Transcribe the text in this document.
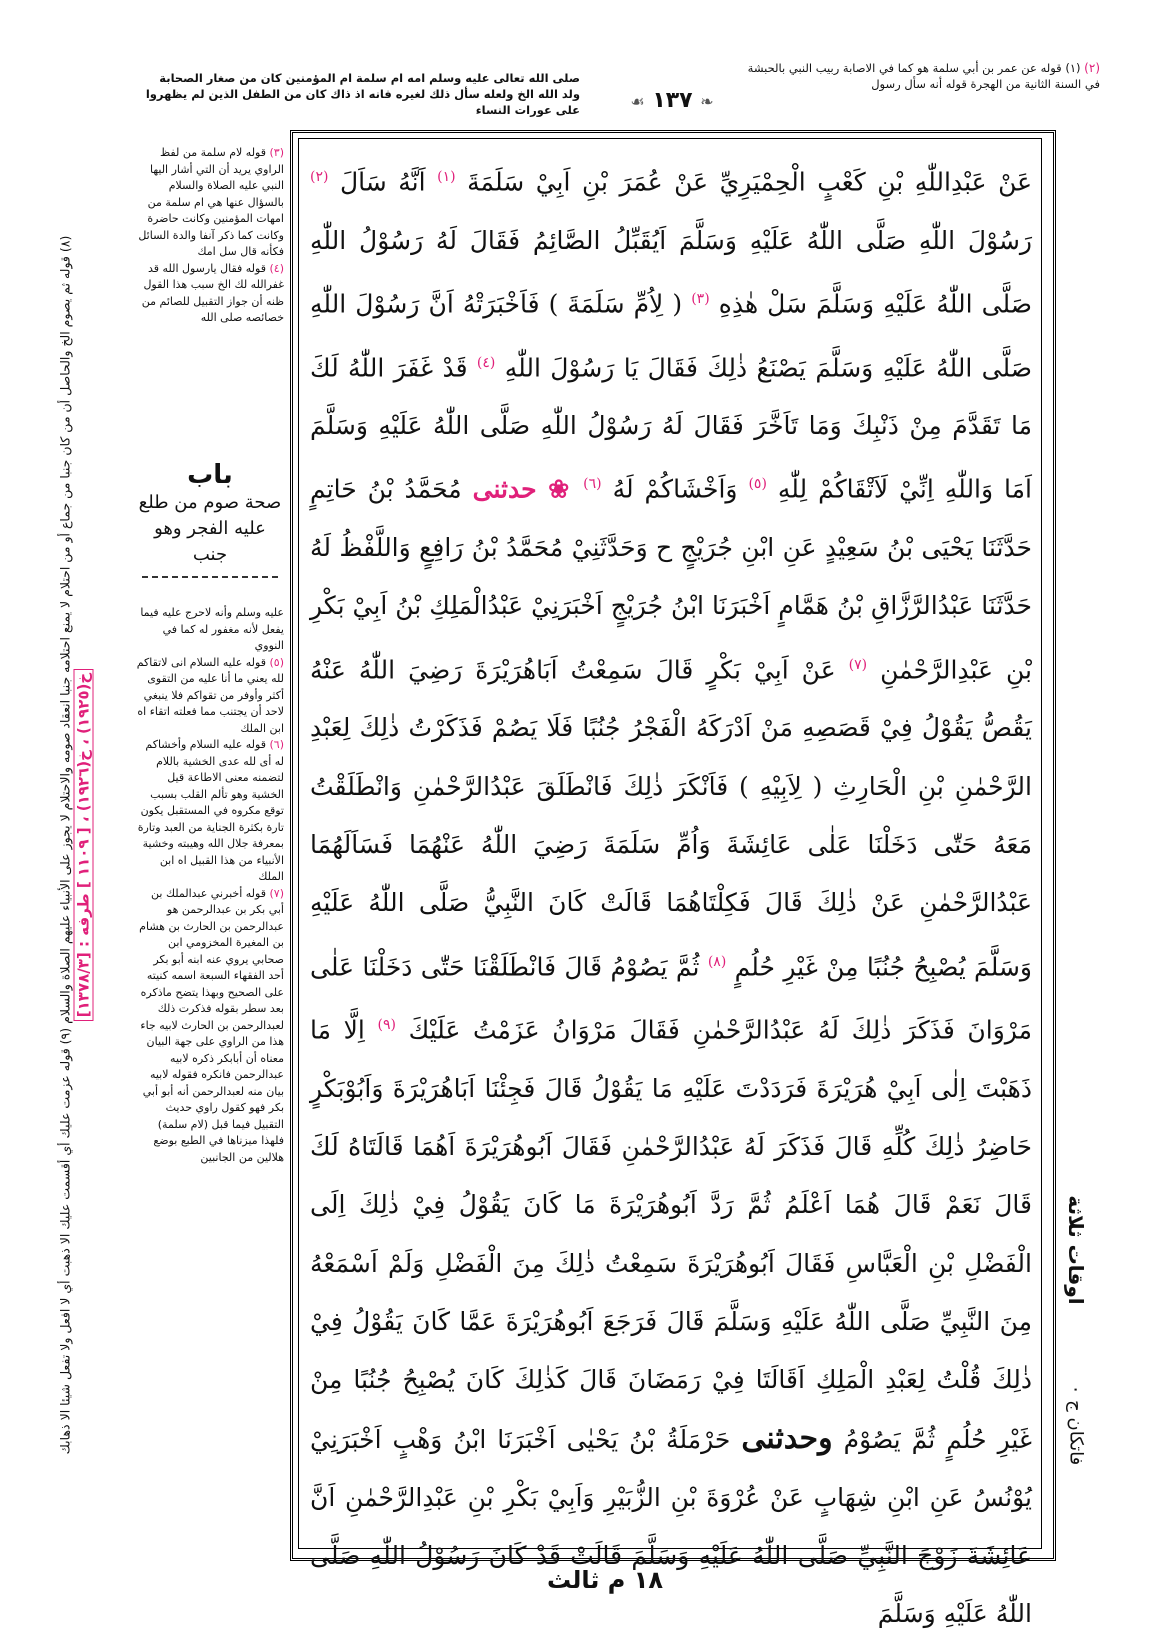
(٢) (١) قوله عن عمر بن أبي سلمة هو كما في الاصابة ربيب النبي بالحبشة في السنة الثانية من الهجرة قوله أنه سأل رسول
صلى الله تعالى عليه وسلم امه ام سلمة ام المؤمنين كان من صغار الصحابة ولد الله الخ ولعله سأل ذلك لغيره فانه اذ ذاك كان من الطفل الذين لم يظهروا على عورات النساء	❧ ١٣٧ ☙
عَنْ عَبْدِاللّٰهِ بْنِ كَعْبٍ الْحِمْيَرِيِّ عَنْ عُمَرَ بْنِ اَبِيْ سَلَمَةَ $^{(١)}$ اَنَّهُ سَاَلَ $^{(٢)}$ رَسُوْلَ اللّٰهِ صَلَّى اللّٰهُ عَلَيْهِ وَسَلَّمَ اَيُقَبِّلُ الصَّائِمُ فَقَالَ لَهُ رَسُوْلُ اللّٰهِ صَلَّى اللّٰهُ عَلَيْهِ وَسَلَّمَ سَلْ هٰذِهِ $^{(٣)}$ ( لِاُمِّ سَلَمَةَ ) فَاَخْبَرَتْهُ اَنَّ رَسُوْلَ اللّٰهِ صَلَّى اللّٰهُ عَلَيْهِ وَسَلَّمَ يَصْنَعُ ذٰلِكَ فَقَالَ يَا رَسُوْلَ اللّٰهِ $^{(٤)}$ قَدْ غَفَرَ اللّٰهُ لَكَ مَا تَقَدَّمَ مِنْ ذَنْبِكَ وَمَا تَاَخَّرَ فَقَالَ لَهُ رَسُوْلُ اللّٰهِ صَلَّى اللّٰهُ عَلَيْهِ وَسَلَّمَ اَمَا وَاللّٰهِ اِنِّيْ لَاَتْقَاكُمْ لِلّٰهِ $^{(٥)}$ وَاَخْشَاكُمْ لَهُ $^{(٦)}$ ❀ حدثنى مُحَمَّدُ بْنُ حَاتِمٍ حَدَّثَنَا يَحْيَى بْنُ سَعِيْدٍ عَنِ ابْنِ جُرَيْجٍ ح وَحَدَّثَنِيْ مُحَمَّدُ بْنُ رَافِعٍ وَاللَّفْظُ لَهُ حَدَّثَنَا عَبْدُالرَّزَّاقِ بْنُ هَمَّامٍ اَخْبَرَنَا ابْنُ جُرَيْجٍ اَخْبَرَنِيْ عَبْدُالْمَلِكِ بْنُ اَبِيْ بَكْرِ بْنِ عَبْدِالرَّحْمٰنِ $^{(٧)}$ عَنْ اَبِيْ بَكْرٍ قَالَ سَمِعْتُ اَبَاهُرَيْرَةَ رَضِيَ اللّٰهُ عَنْهُ يَقُصُّ يَقُوْلُ فِيْ قَصَصِهِ مَنْ اَدْرَكَهُ الْفَجْرُ جُنُبًا فَلَا يَصُمْ فَذَكَرْتُ ذٰلِكَ لِعَبْدِ الرَّحْمٰنِ بْنِ الْحَارِثِ ( لِاَبِيْهِ ) فَاَنْكَرَ ذٰلِكَ فَانْطَلَقَ عَبْدُالرَّحْمٰنِ وَانْطَلَقْتُ مَعَهُ حَتّٰى دَخَلْنَا عَلٰى عَائِشَةَ وَاُمِّ سَلَمَةَ رَضِيَ اللّٰهُ عَنْهُمَا فَسَاَلَهُمَا عَبْدُالرَّحْمٰنِ عَنْ ذٰلِكَ قَالَ فَكِلْتَاهُمَا قَالَتْ كَانَ النَّبِيُّ صَلَّى اللّٰهُ عَلَيْهِ وَسَلَّمَ يُصْبِحُ جُنُبًا مِنْ غَيْرِ حُلُمٍ $^{(٨)}$ ثُمَّ يَصُوْمُ قَالَ فَانْطَلَقْنَا حَتّٰى دَخَلْنَا عَلٰى مَرْوَانَ فَذَكَرَ ذٰلِكَ لَهُ عَبْدُالرَّحْمٰنِ فَقَالَ مَرْوَانُ عَزَمْتُ عَلَيْكَ $^{(٩)}$ اِلَّا مَا ذَهَبْتَ اِلٰى اَبِيْ هُرَيْرَةَ فَرَدَدْتَ عَلَيْهِ مَا يَقُوْلُ قَالَ فَجِئْنَا اَبَاهُرَيْرَةَ وَاَبُوْبَكْرٍ حَاضِرُ ذٰلِكَ كُلِّهِ قَالَ فَذَكَرَ لَهُ عَبْدُالرَّحْمٰنِ فَقَالَ اَبُوهُرَيْرَةَ اَهُمَا قَالَتَاهُ لَكَ قَالَ نَعَمْ قَالَ هُمَا اَعْلَمُ ثُمَّ رَدَّ اَبُوهُرَيْرَةَ مَا كَانَ يَقُوْلُ فِيْ ذٰلِكَ اِلَى الْفَضْلِ بْنِ الْعَبَّاسِ فَقَالَ اَبُوهُرَيْرَةَ سَمِعْتُ ذٰلِكَ مِنَ الْفَضْلِ وَلَمْ اَسْمَعْهُ مِنَ النَّبِيِّ صَلَّى اللّٰهُ عَلَيْهِ وَسَلَّمَ قَالَ فَرَجَعَ اَبُوهُرَيْرَةَ عَمَّا كَانَ يَقُوْلُ فِيْ ذٰلِكَ قُلْتُ لِعَبْدِ الْمَلِكِ اَقَالَتَا فِيْ رَمَضَانَ قَالَ كَذٰلِكَ كَانَ يُصْبِحُ جُنُبًا مِنْ غَيْرِ حُلُمٍ ثُمَّ يَصُوْمُ وحدثنى حَرْمَلَةُ بْنُ يَحْيٰى اَخْبَرَنَا ابْنُ وَهْبٍ اَخْبَرَنِيْ يُوْنُسُ عَنِ ابْنِ شِهَابٍ عَنْ عُرْوَةَ بْنِ الزُّبَيْرِ وَاَبِيْ بَكْرِ بْنِ عَبْدِالرَّحْمٰنِ اَنَّ عَائِشَةَ زَوْجَ النَّبِيِّ صَلَّى اللّٰهُ عَلَيْهِ وَسَلَّمَ قَالَتْ قَدْ كَانَ رَسُوْلُ اللّٰهِ صَلَّى اللّٰهُ عَلَيْهِ وَسَلَّمَ
(٣) قوله لام سلمة من لفظ الراوي يريد أن التي أشار اليها النبي عليه الصلاة والسلام بالسؤال عنها هي ام سلمة من امهات المؤمنين وكانت حاضرة وكانت كما ذكر آنفا والدة السائل فكأنه قال سل امك
(٤) قوله فقال يارسول الله قد غفرالله لك الخ سبب هذا القول ظنه أن جواز التقبيل للصائم من خصائصه صلى الله
باب
صحة صوم من طلع عليه الفجر وهو جنب
عليه وسلم وأنه لاحرج عليه فيما يفعل لأنه مغفور له كما في النووي
(٥) قوله عليه السلام انى لاتقاكم لله يعني ما أنا عليه من التقوى أكثر وأوفر من تقواكم فلا ينبغي لاحد أن يجتنب مما فعلته اتقاء اه ابن الملك
(٦) قوله عليه السلام وأخشاكم له أى لله عدى الخشية باللام لتضمنه معنى الاطاعة قيل الخشية وهو تألم القلب بسبب توقع مكروه في المستقبل يكون تارة بكثرة الجناية من العبد وتارة بمعرفة جلال الله وهيبته وخشية الأنبياء من هذا القبيل اه ابن الملك
(٧) قوله أخبرني عبدالملك بن أبي بكر بن عبدالرحمن هو عبدالرحمن بن الحارث بن هشام بن المغيرة المخزومي ابن صحابي يروي عنه ابنه أبو بكر أحد الفقهاء السبعة اسمه كنيته على الصحيح وبهذا يتضح ماذكره بعد سطر بقوله فذكرت ذلك لعبدالرحمن بن الحارث لابيه جاء هذا من الراوي على جهة البيان معناه أن أبابكر ذكره لابيه عبدالرحمن فانكره فقوله لابيه بيان منه لعبدالرحمن أنه أبو أبي بكر فهو كقول راوي حديث التقبيل فيما قبل (لام سلمة) فلهذا ميزناها في الطبع بوضع هلالين من الجانبين
(٨) قوله ثم يصوم الخ والحاصل أن من كان جنبا من جماع أو من احتلام لا يمنع احتلامه جنبا انعقاد صومه والاحتلام لا يجوز على الأنبياء عليهم الصلاة والسلام (٩) قوله عزمت عليك أي أقسمت عليك الا ذهبت أي لا افعل ولا تفعل شيئا الا ذهابك
خ(١٩٢٥) ، خ(١٩٢٦) ، [ ١١٠٩ ] طرفه : [١٣٧٨/٣]
اوقات ثلاثة
فاتكان ج ٠
١٨ م ثالث
